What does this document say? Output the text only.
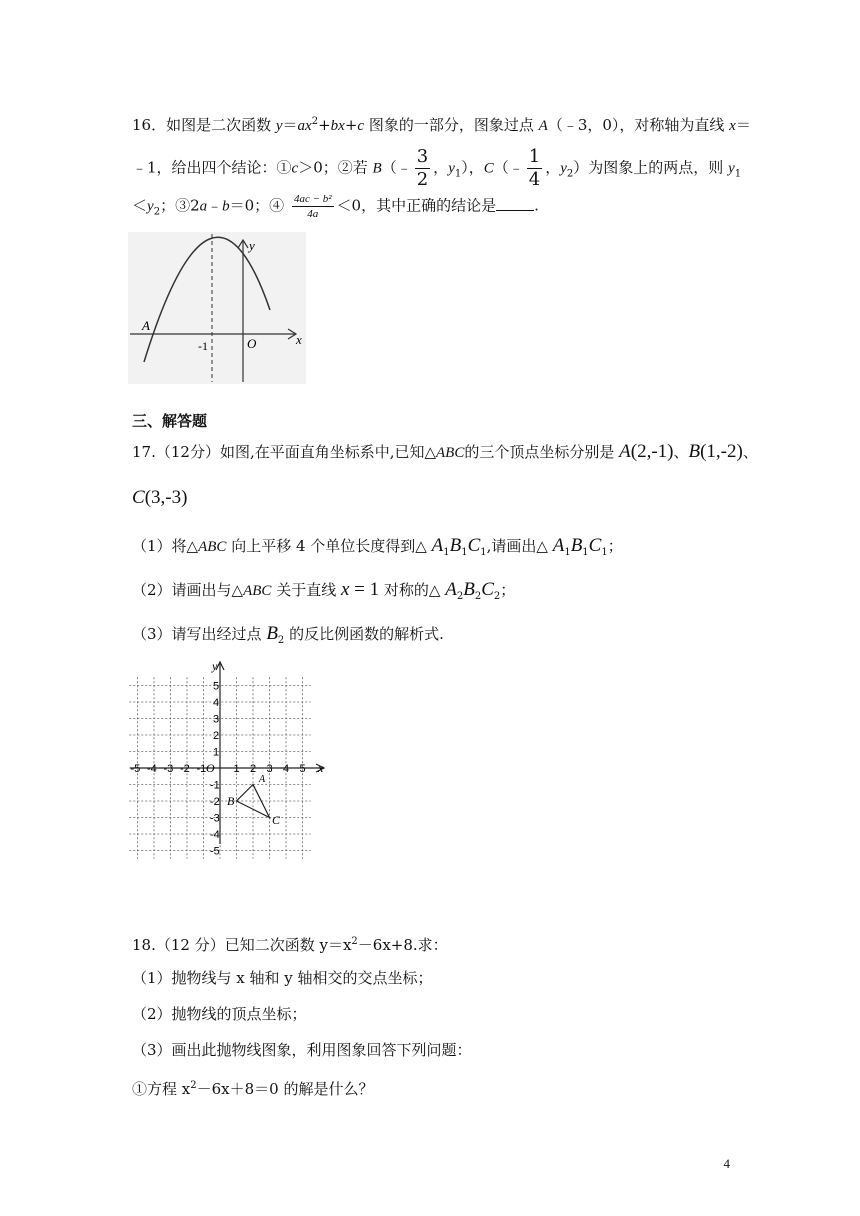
16．如图是二次函数 $y=ax^2+bx+c$ 图象的一部分，图象过点 A（﹣3，0），对称轴为直线 x＝
﹣1，给出四个结论：①c＞0；②若 B（﹣ $\frac{3}{2}$ ，$y_1$），C（﹣ $\frac{1}{4}$ ，$y_2$）为图象上的两点，则 $y_1$
$<y_2$；③2a﹣b＝0；④ $\frac{\text{4ac − b²}}{4a} <0$，其中正确的结论是	.
A
-1	O	x
y
三、解答题
17.（12分）如图,在平面直角坐标系中,已知△ABC的三个顶点坐标分别是 A(2,-1)、B(1,-2)、
C(3,-3)
（1）将△ABC 向上平移 4 个单位长度得到△ $A_1B_1C_1$,请画出△ $A_1B_1C_1$；
（2）请画出与△ABC 关于直线 x = 1 对称的△ $A_2B_2C_2$；
（3）请写出经过点 $B_2$ 的反比例函数的解析式.
-5 -4 -3 -2 -1 1 2 3 4 5
5
4
3
2
1
-1
-2
-3
-4
-5
A
B
C
O	x
y
18.（12 分）已知二次函数 $y=x^2-6x+8$.求：
（1）抛物线与 x 轴和 y 轴相交的交点坐标；
（2）抛物线的顶点坐标；
（3）画出此抛物线图象，利用图象回答下列问题：
①方程 $x^2-6x+8=0$ 的解是什么？
4
